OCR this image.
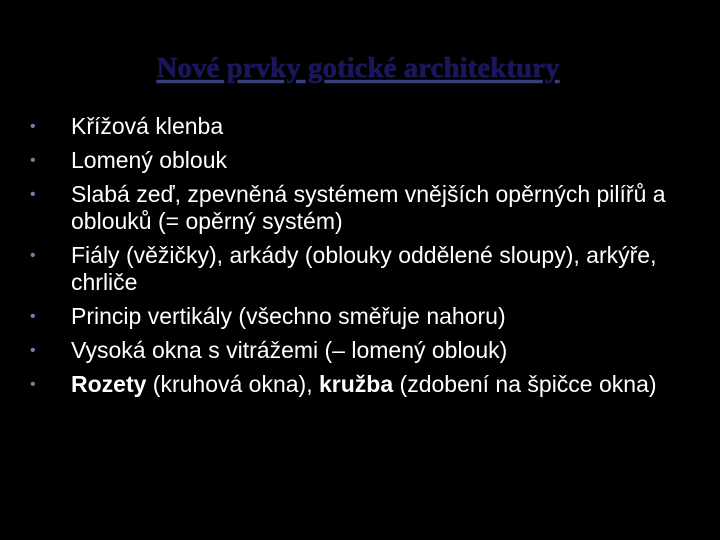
Nové prvky gotické architektury
• Křížová klenba
• Lomený oblouk
• Slabá zeď, zpevněná systémem vnějších opěrných pilířů a oblouků (= opěrný systém)
• Fiály (věžičky), arkády (oblouky oddělené sloupy), arkýře, chrliče
• Princip vertikály (všechno směřuje nahoru)
• Vysoká okna s vitrážemi (– lomený oblouk)
• Rozety (kruhová okna), kružba (zdobení na špičce okna)
